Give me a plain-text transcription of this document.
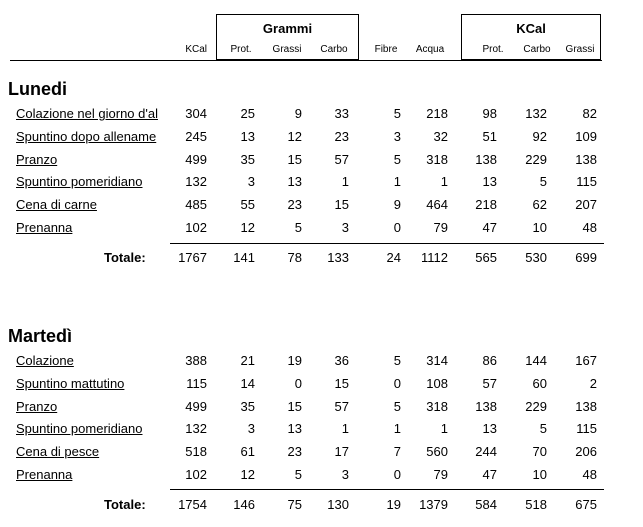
Grammi	KCal
KCal	Prot.	Grassi	Carbo	Fibre	Acqua	Prot.	Carbo	Grassi
Lunedi
Colazione nel giorno d'al	304	25	9	33	5	218	98	132	82
Spuntino dopo allename	245	13	12	23	3	32	51	92	109
Pranzo	499	35	15	57	5	318	138	229	138
Spuntino pomeridiano	132	3	13	1	1	1	13	5	115
Cena di carne	485	55	23	15	9	464	218	62	207
Prenanna	102	12	5	3	0	79	47	10	48
Totale:	1767	141	78	133	24	1112	565	530	699
Martedì
Colazione	388	21	19	36	5	314	86	144	167
Spuntino mattutino	115	14	0	15	0	108	57	60	2
Pranzo	499	35	15	57	5	318	138	229	138
Spuntino pomeridiano	132	3	13	1	1	1	13	5	115
Cena di pesce	518	61	23	17	7	560	244	70	206
Prenanna	102	12	5	3	0	79	47	10	48
Totale:	1754	146	75	130	19	1379	584	518	675
